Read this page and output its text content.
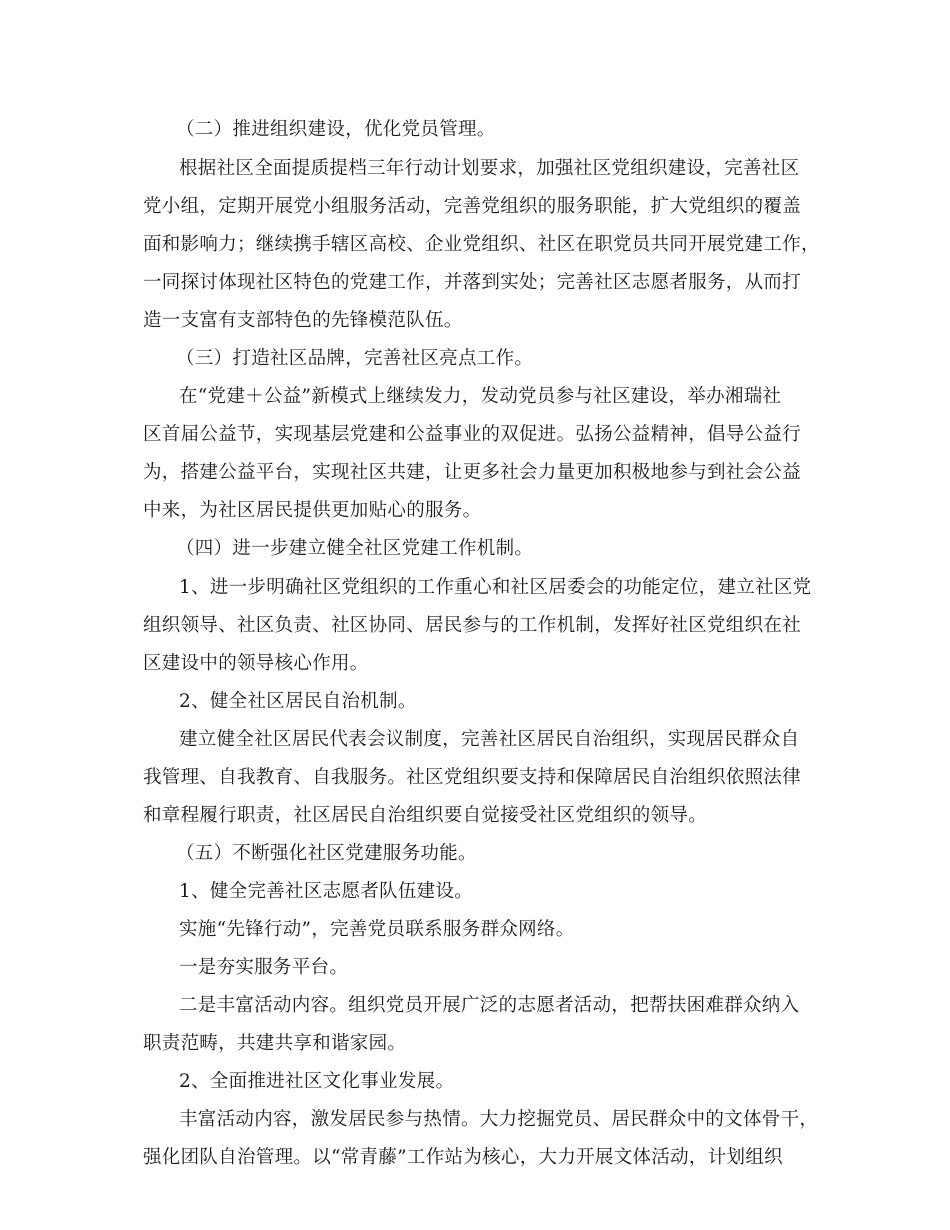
（二）推进组织建设，优化党员管理。
根据社区全面提质提档三年行动计划要求，加强社区党组织建设，完善社区
党小组，定期开展党小组服务活动，完善党组织的服务职能，扩大党组织的覆盖
面和影响力；继续携手辖区高校、企业党组织、社区在职党员共同开展党建工作，
一同探讨体现社区特色的党建工作，并落到实处；完善社区志愿者服务，从而打
造一支富有支部特色的先锋模范队伍。
（三）打造社区品牌，完善社区亮点工作。
在“党建＋公益”新模式上继续发力，发动党员参与社区建设，举办湘瑞社
区首届公益节，实现基层党建和公益事业的双促进。弘扬公益精神，倡导公益行
为，搭建公益平台，实现社区共建，让更多社会力量更加积极地参与到社会公益
中来，为社区居民提供更加贴心的服务。
（四）进一步建立健全社区党建工作机制。
1、进一步明确社区党组织的工作重心和社区居委会的功能定位，建立社区党
组织领导、社区负责、社区协同、居民参与的工作机制，发挥好社区党组织在社
区建设中的领导核心作用。
2、健全社区居民自治机制。
建立健全社区居民代表会议制度，完善社区居民自治组织，实现居民群众自
我管理、自我教育、自我服务。社区党组织要支持和保障居民自治组织依照法律
和章程履行职责，社区居民自治组织要自觉接受社区党组织的领导。
（五）不断强化社区党建服务功能。
1、健全完善社区志愿者队伍建设。
实施“先锋行动”，完善党员联系服务群众网络。
一是夯实服务平台。
二是丰富活动内容。组织党员开展广泛的志愿者活动，把帮扶困难群众纳入
职责范畴，共建共享和谐家园。
2、全面推进社区文化事业发展。
丰富活动内容，激发居民参与热情。大力挖掘党员、居民群众中的文体骨干，
强化团队自治管理。以“常青藤”工作站为核心，大力开展文体活动，计划组织
